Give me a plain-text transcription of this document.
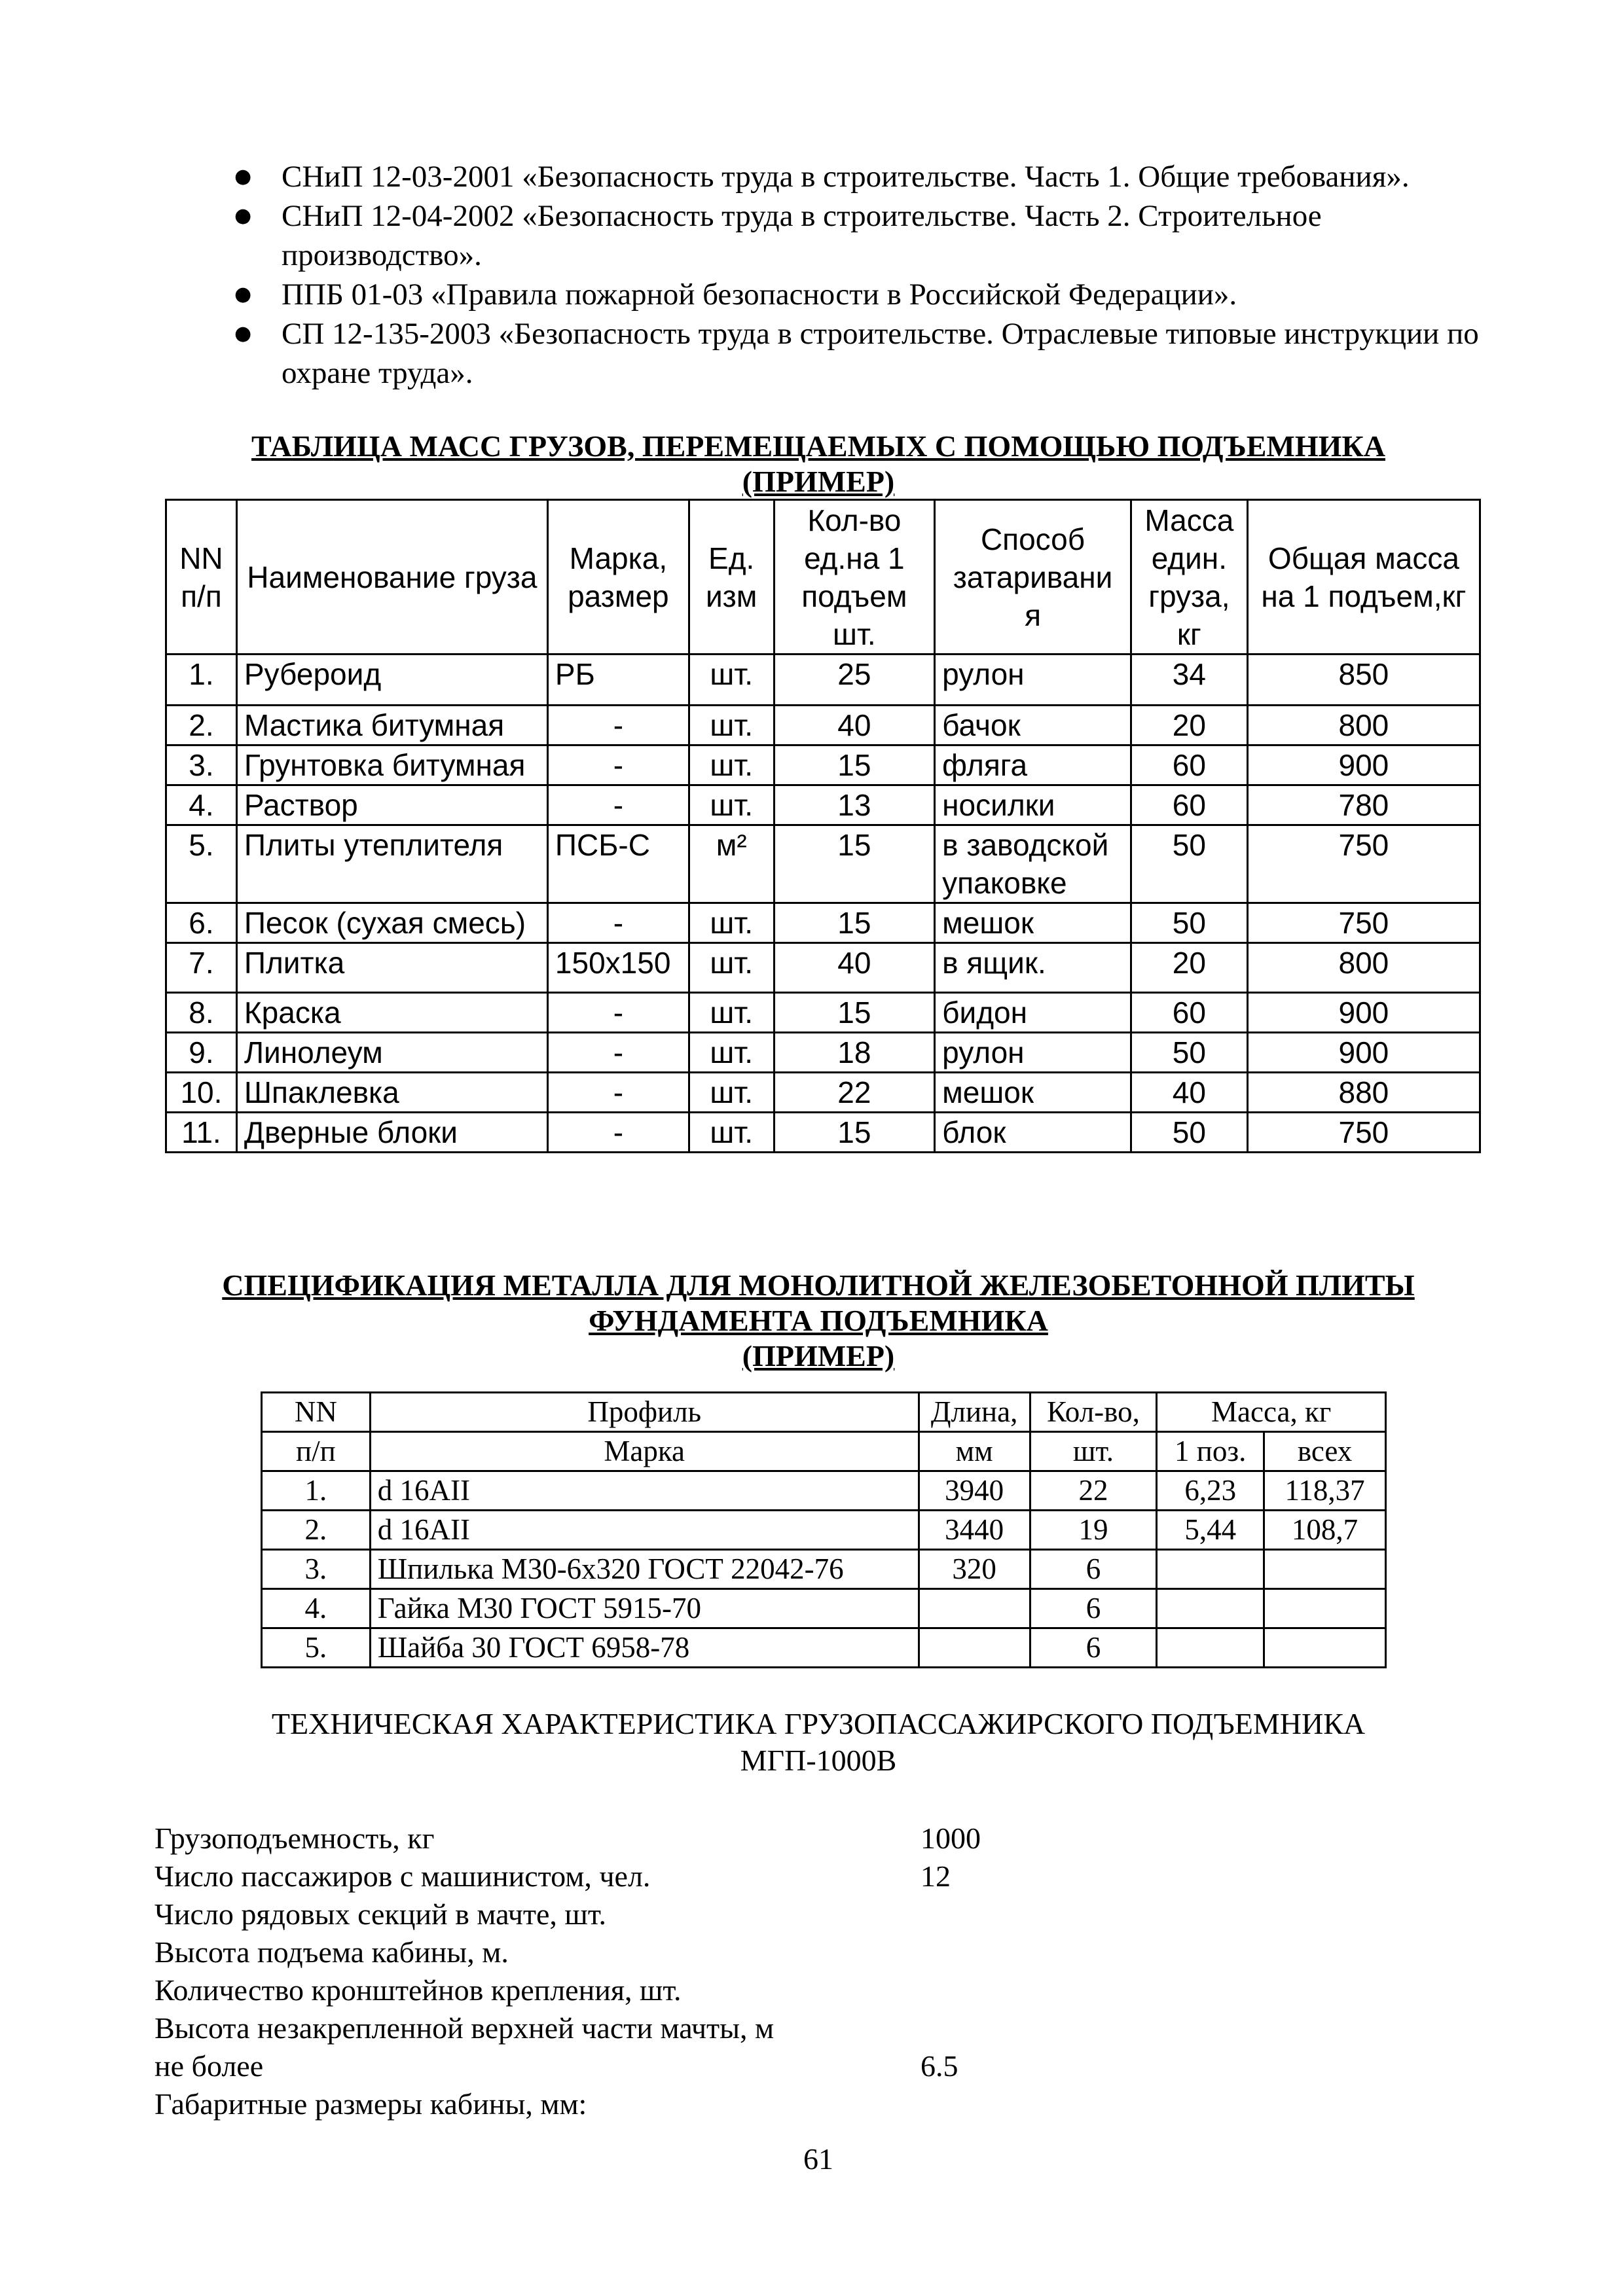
● СНиП 12-03-2001 «Безопасность труда в строительстве. Часть 1. Общие требования».
● СНиП 12-04-2002 «Безопасность труда в строительстве. Часть 2. Строительное производство».
● ППБ 01-03 «Правила пожарной безопасности в Российской Федерации».
● СП 12-135-2003 «Безопасность труда в строительстве. Отраслевые типовые инструкции по охране труда».
ТАБЛИЦА МАСС ГРУЗОВ, ПЕРЕМЕЩАЕМЫХ С ПОМОЩЬЮ ПОДЪЕМНИКА
(ПРИМЕР)
NN п/п	Наименование груза	Марка, размер	Ед. изм	Кол-во ед.на 1 подъем шт.	Способ затаривани я	Масса един. груза, кг	Общая масса на 1 подъем,кг
1.	Рубероид	РБ	шт.	25	рулон	34	850
2.	Мастика битумная	-	шт.	40	бачок	20	800
3.	Грунтовка битумная	-	шт.	15	фляга	60	900
4.	Раствор	-	шт.	13	носилки	60	780
5.	Плиты утеплителя	ПСБ-С	м²	15	в заводской упаковке	50	750
6.	Песок (сухая смесь)	-	шт.	15	мешок	50	750
7.	Плитка	150x150	шт.	40	в ящик.	20	800
8.	Краска	-	шт.	15	бидон	60	900
9.	Линолеум	-	шт.	18	рулон	50	900
10.	Шпаклевка	-	шт.	22	мешок	40	880
11.	Дверные блоки	-	шт.	15	блок	50	750
СПЕЦИФИКАЦИЯ МЕТАЛЛА ДЛЯ МОНОЛИТНОЙ ЖЕЛЕЗОБЕТОННОЙ ПЛИТЫ
ФУНДАМЕНТА ПОДЪЕМНИКА
(ПРИМЕР)
NN	Профиль	Длина,	Кол-во,	Масса, кг	
п/п	Марка	мм	шт.	1 поз.	всех
1.	d 16AII	3940	22	6,23	118,37
2.	d 16AII	3440	19	5,44	108,7
3.	Шпилька М30-6х320 ГОСТ 22042-76	320	6		
4.	Гайка М30 ГОСТ 5915-70		6		
5.	Шайба 30 ГОСТ 6958-78		6		
ТЕХНИЧЕСКАЯ ХАРАКТЕРИСТИКА ГРУЗОПАССАЖИРСКОГО ПОДЪЕМНИКА
МГП-1000В
Грузоподъемность, кг	1000
Число пассажиров с машинистом, чел.	12
Число рядовых секций в мачте, шт.
Высота подъема кабины, м.
Количество кронштейнов крепления, шт.
Высота незакрепленной верхней части мачты, м
не более	6.5
Габаритные размеры кабины, мм:
61
